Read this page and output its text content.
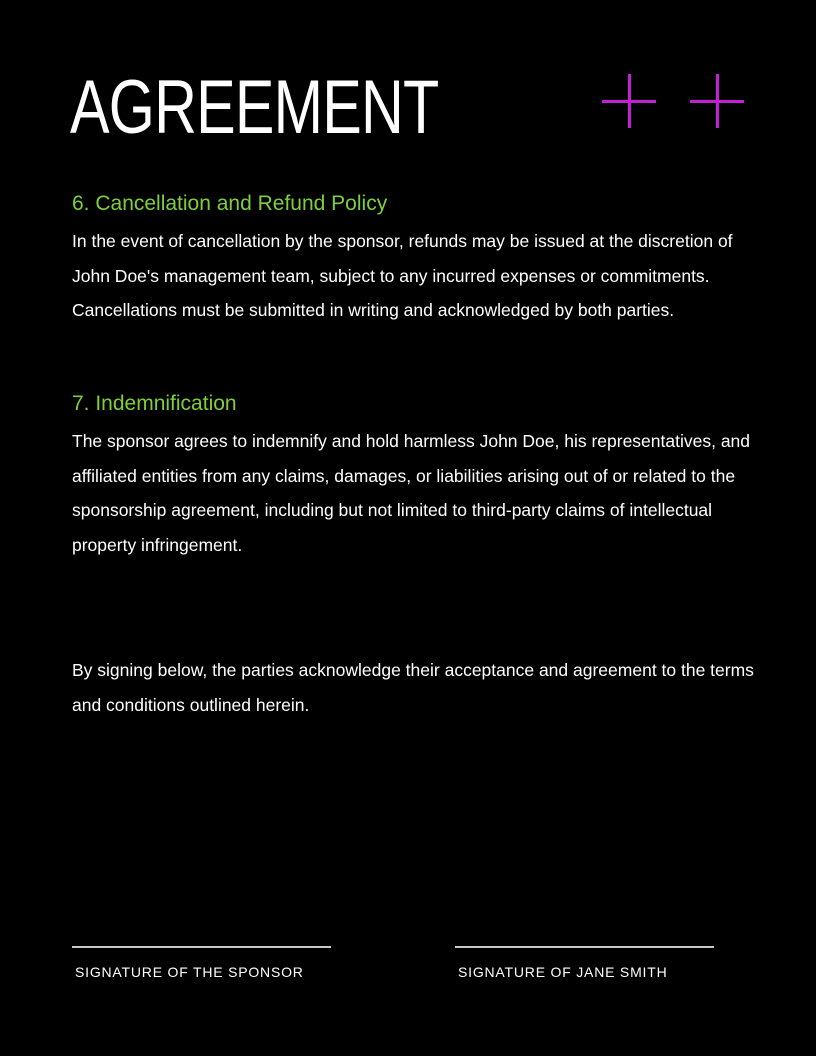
AGREEMENT
6. Cancellation and Refund Policy

In the event of cancellation by the sponsor, refunds may be issued at the discretion of John Doe's management team, subject to any incurred expenses or commitments. Cancellations must be submitted in writing and acknowledged by both parties.

7. Indemnification

The sponsor agrees to indemnify and hold harmless John Doe, his representatives, and affiliated entities from any claims, damages, or liabilities arising out of or related to the sponsorship agreement, including but not limited to third-party claims of intellectual property infringement.

By signing below, the parties acknowledge their acceptance and agreement to the terms and conditions outlined herein.

SIGNATURE OF THE SPONSOR	SIGNATURE OF JANE SMITH
